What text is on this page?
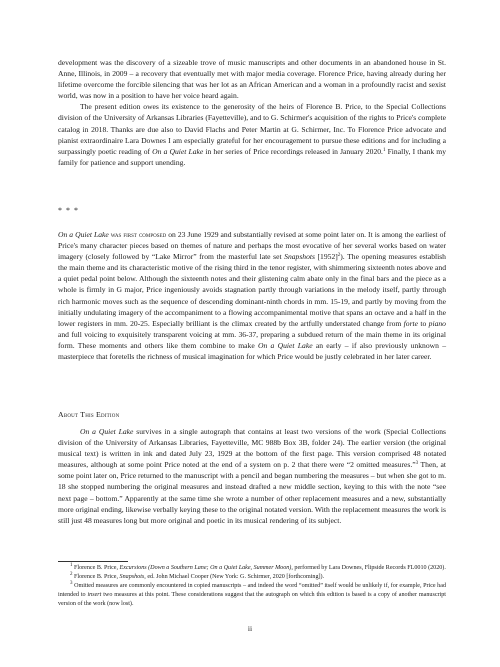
development was the discovery of a sizeable trove of music manuscripts and other documents in an abandoned house in St. Anne, Illinois, in 2009 – a recovery that eventually met with major media coverage. Florence Price, having already during her lifetime overcome the forcible silencing that was her lot as an African American and a woman in a profoundly racist and sexist world, was now in a position to have her voice heard again.

The present edition owes its existence to the generosity of the heirs of Florence B. Price, to the Special Collections division of the University of Arkansas Libraries (Fayetteville), and to G. Schirmer's acquisition of the rights to Price's complete catalog in 2018. Thanks are due also to David Flachs and Peter Martin at G. Schirmer, Inc. To Florence Price advocate and pianist extraordinaire Lara Downes I am especially grateful for her encouragement to pursue these editions and for including a surpassingly poetic reading of On a Quiet Lake in her series of Price recordings released in January 2020.$^1$ Finally, I thank my family for patience and support unending.

* * *

On a Quiet Lake was first composed on 23 June 1929 and substantially revised at some point later on. It is among the earliest of Price's many character pieces based on themes of nature and perhaps the most evocative of her several works based on water imagery (closely followed by “Lake Mirror” from the masterful late set Snapshots $[1952]^2$). The opening measures establish the main theme and its characteristic motive of the rising third in the tenor register, with shimmering sixteenth notes above and a quiet pedal point below. Although the sixteenth notes and their glistening calm abate only in the final bars and the piece as a whole is firmly in G major, Price ingeniously avoids stagnation partly through variations in the melody itself, partly through rich harmonic moves such as the sequence of descending dominant-ninth chords in mm. 15-19, and partly by moving from the initially undulating imagery of the accompaniment to a flowing accompanimental motive that spans an octave and a half in the lower registers in mm. 20-25. Especially brilliant is the climax created by the artfully understated change from forte to piano and full voicing to exquisitely transparent voicing at mm. 36-37, preparing a subdued return of the main theme in its original form. These moments and others like them combine to make On a Quiet Lake an early – if also previously unknown – masterpiece that foretells the richness of musical imagination for which Price would be justly celebrated in her later career.

About This Edition

On a Quiet Lake survives in a single autograph that contains at least two versions of the work (Special Collections division of the University of Arkansas Libraries, Fayetteville, MC 988b Box 3B, folder 24). The earlier version (the original musical text) is written in ink and dated July 23, 1929 at the bottom of the first page. This version comprised 48 notated measures, although at some point Price noted at the end of a system on p. 2 that there were “2 omitted measures.”$^3$ Then, at some point later on, Price returned to the manuscript with a pencil and began numbering the measures – but when she got to m. 18 she stopped numbering the original measures and instead drafted a new middle section, keying to this with the note “see next page – bottom.” Apparently at the same time she wrote a number of other replacement measures and a new, substantially more original ending, likewise verbally keying these to the original notated version. With the replacement measures the work is still just 48 measures long but more original and poetic in its musical rendering of its subject.

$^1$ Florence B. Price, Excursions (Down a Southern Lane; On a Quiet Lake, Summer Moon), performed by Lara Downes, Flipside Records FL0010 (2020).

$^2$ Florence B. Price, Snapshots, ed. John Michael Cooper (New York: G. Schirmer, 2020 [forthcoming]).

$^3$ Omitted measures are commonly encountered in copied manuscripts – and indeed the word “omitted” itself would be unlikely if, for example, Price had intended to insert two measures at this point. These considerations suggest that the autograph on which this edition is based is a copy of another manuscript version of the work (now lost).

ii
